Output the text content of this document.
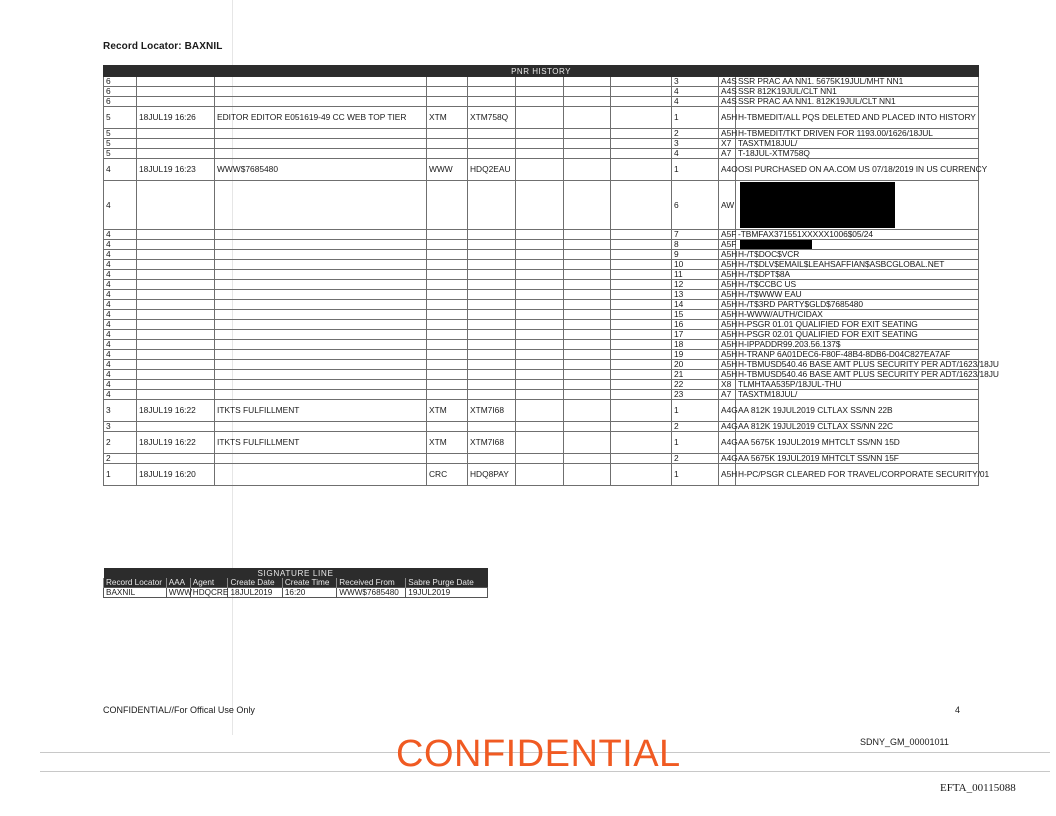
Record Locator: BAXNIL
PNR HISTORY										
6								3	A4S	SSR PRAC AA NN1. 5675K19JUL/MHT NN1
6								4	A4S	SSR 812K19JUL/CLT NN1
6								4	A4S	SSR PRAC AA NN1. 812K19JUL/CLT NN1
5	18JUL19 16:26	EDITOR EDITOR E051619-49 CC WEB TOP TIER	XTM	XTM758Q				1	A5H	H-TBMEDIT/ALL PQS DELETED AND PLACED INTO HISTORY
5								2	A5H	H-TBMEDIT/TKT DRIVEN FOR 1193.00/1626/18JUL
5								3	X7	TASXTM18JUL/
5								4	A7	T-18JUL-XTM758Q
4	18JUL19 16:23	WWW$7685480	WWW	HDQ2EAU				1	A4O	OSI PURCHASED ON AA.COM US 07/18/2019 IN US CURRENCY
4								6	AW	
4								7	A5F	-TBMFAX371551XXXXX1006$05/24
4								8	A5F	
4								9	A5H	H-/T$DOC$VCR
4								10	A5H	H-/T$DLV$EMAIL$LEAHSAFFIAN$ASBCGLOBAL.NET
4								11	A5H	H-/T$DPT$8A
4								12	A5H	H-/T$CCBC US
4								13	A5H	H-/T$WWW EAU
4								14	A5H	H-/T$3RD PARTY$GLD$7685480
4								15	A5H	H-WWW/AUTH/CIDAX
4								16	A5H	H-PSGR 01.01 QUALIFIED FOR EXIT SEATING
4								17	A5H	H-PSGR 02.01 QUALIFIED FOR EXIT SEATING
4								18	A5H	H-IPPADDR99.203.56.137$
4								19	A5H	H-TRANP 6A01DEC6-F80F-48B4-8DB6-D04C827EA7AF
4								20	A5H	H-TBMUSD540.46 BASE AMT PLUS SECURITY PER ADT/1623/18JU
4								21	A5H	H-TBMUSD540.46 BASE AMT PLUS SECURITY PER ADT/1623/18JU
4								22	X8	TLMHTAA535P/18JUL-THU
4								23	A7	TASXTM18JUL/
3	18JUL19 16:22	ITKTS FULFILLMENT	XTM	XTM7I68				1	A4G	AA 812K 19JUL2019 CLTLAX SS/NN 22B
3								2	A4G	AA 812K 19JUL2019 CLTLAX SS/NN 22C
2	18JUL19 16:22	ITKTS FULFILLMENT	XTM	XTM7I68				1	A4G	AA 5675K 19JUL2019 MHTCLT SS/NN 15D
2								2	A4G	AA 5675K 19JUL2019 MHTCLT SS/NN 15F
1	18JUL19 16:20		CRC	HDQ8PAY				1	A5H	H-PC/PSGR CLEARED FOR TRAVEL/CORPORATE SECURITY/01
SIGNATURE LINE						
Record Locator	AAA	Agent	Create Date	Create Time	Received From	Sabre Purge Date
BAXNIL	WWW	HDQCRE	18JUL2019	16:20	WWW$7685480	19JUL2019
CONFIDENTIAL//For Offical Use Only	4
SDNY_GM_00001011
CONFIDENTIAL
EFTA_00115088
